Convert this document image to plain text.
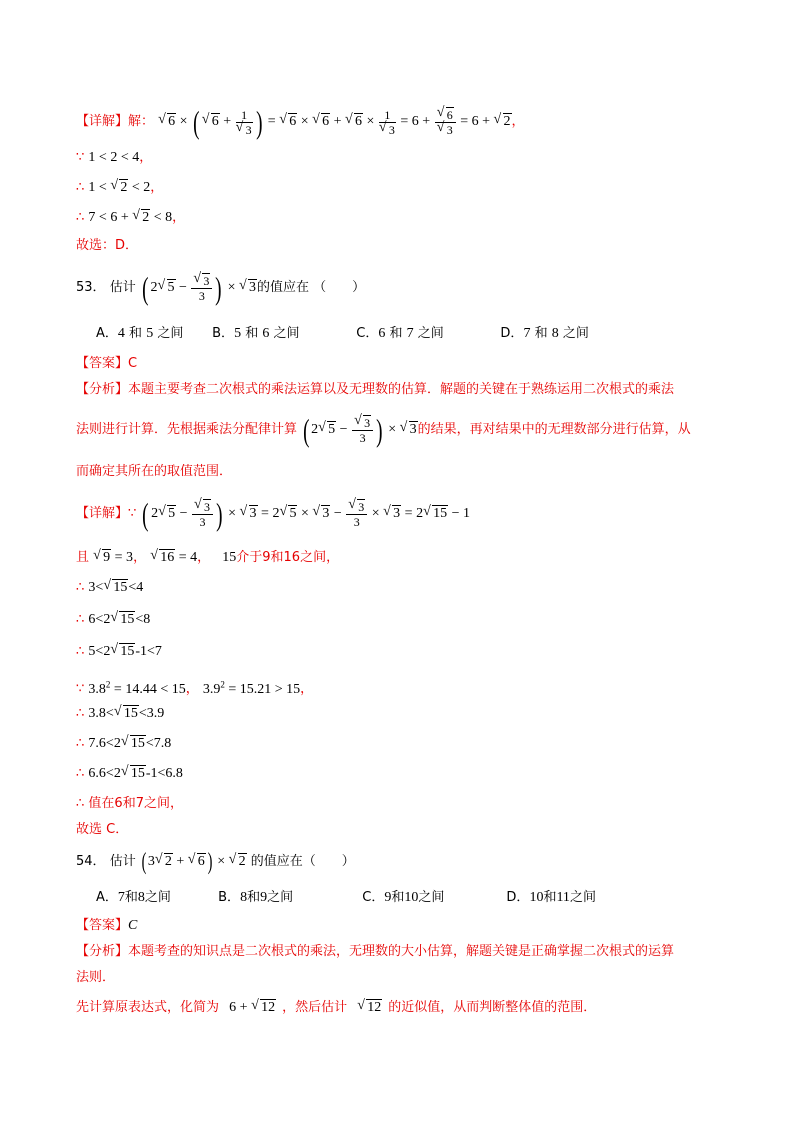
【详解】解： √ 6 × ( √ 6 + 1
√ 3 ) = √ 6 × √ 6 + √ 6 × 1
√ 3 = 6 + √ 6
√ 3 = 6 + √ 2，
∵ 1 < 2 < 4，
∴ 1 < √ 2 < 2，
∴ 7 < 6 + √ 2 < 8，
故选：D．
53． 估计 ( 2 √ 5 − √ $\frac{3}{3}$ ) × √ 3的值应在 （　　）
A．4 和 5 之间 B．5 和 6 之间	C．6 和 7 之间	D．7 和 8 之间
【答案】C
【分析】本题主要考查二次根式的乘法运算以及无理数的估算．解题的关键在于熟练运用二次根式的乘法
法则进行计算．先根据乘法分配律计算 ( 2 √ 5 − √ $\frac{3}{3}$ ) × √ 3的结果，再对结果中的无理数部分进行估算，从
而确定其所在的取值范围．
【详解】∵ ( 2 √ 5 − √ $\frac{3}{3}$ ) × √ 3 = 2 √ 5 × √ 3 − √ $\frac{3}{3}$ × √ 3 = 2 √ 15 − 1
且 √ 9 = 3， √ 16 = 4， 15介于9和16之间，
∴ 3< √ 15<4
∴ 6<2 √ 15<8
∴ 5<2 √ 15-1<7
∵ $3.8^2 = 14.44 < 15$， $3.9^2 = 15.21 > 15$，
∴ 3.8< √ 15<3.9
∴ 7.6<2 √ 15<7.8
∴ 6.6<2 √ 15-1<6.8
∴ 值在6和7之间，
故选 C．
54． 估计 ( 3 √ 2 + √ 6 ) × √ 2 的值应在（　　）
A．7和8之间	B．8和9之间	C．9和10之间	D．10和11之间
【答案】C
【分析】本题考查的知识点是二次根式的乘法，无理数的大小估算，解题关键是正确掌握二次根式的运算
法则．
先计算原表达式，化简为 6 + √ 12 ，然后估计 √ 12 的近似值，从而判断整体值的范围．
